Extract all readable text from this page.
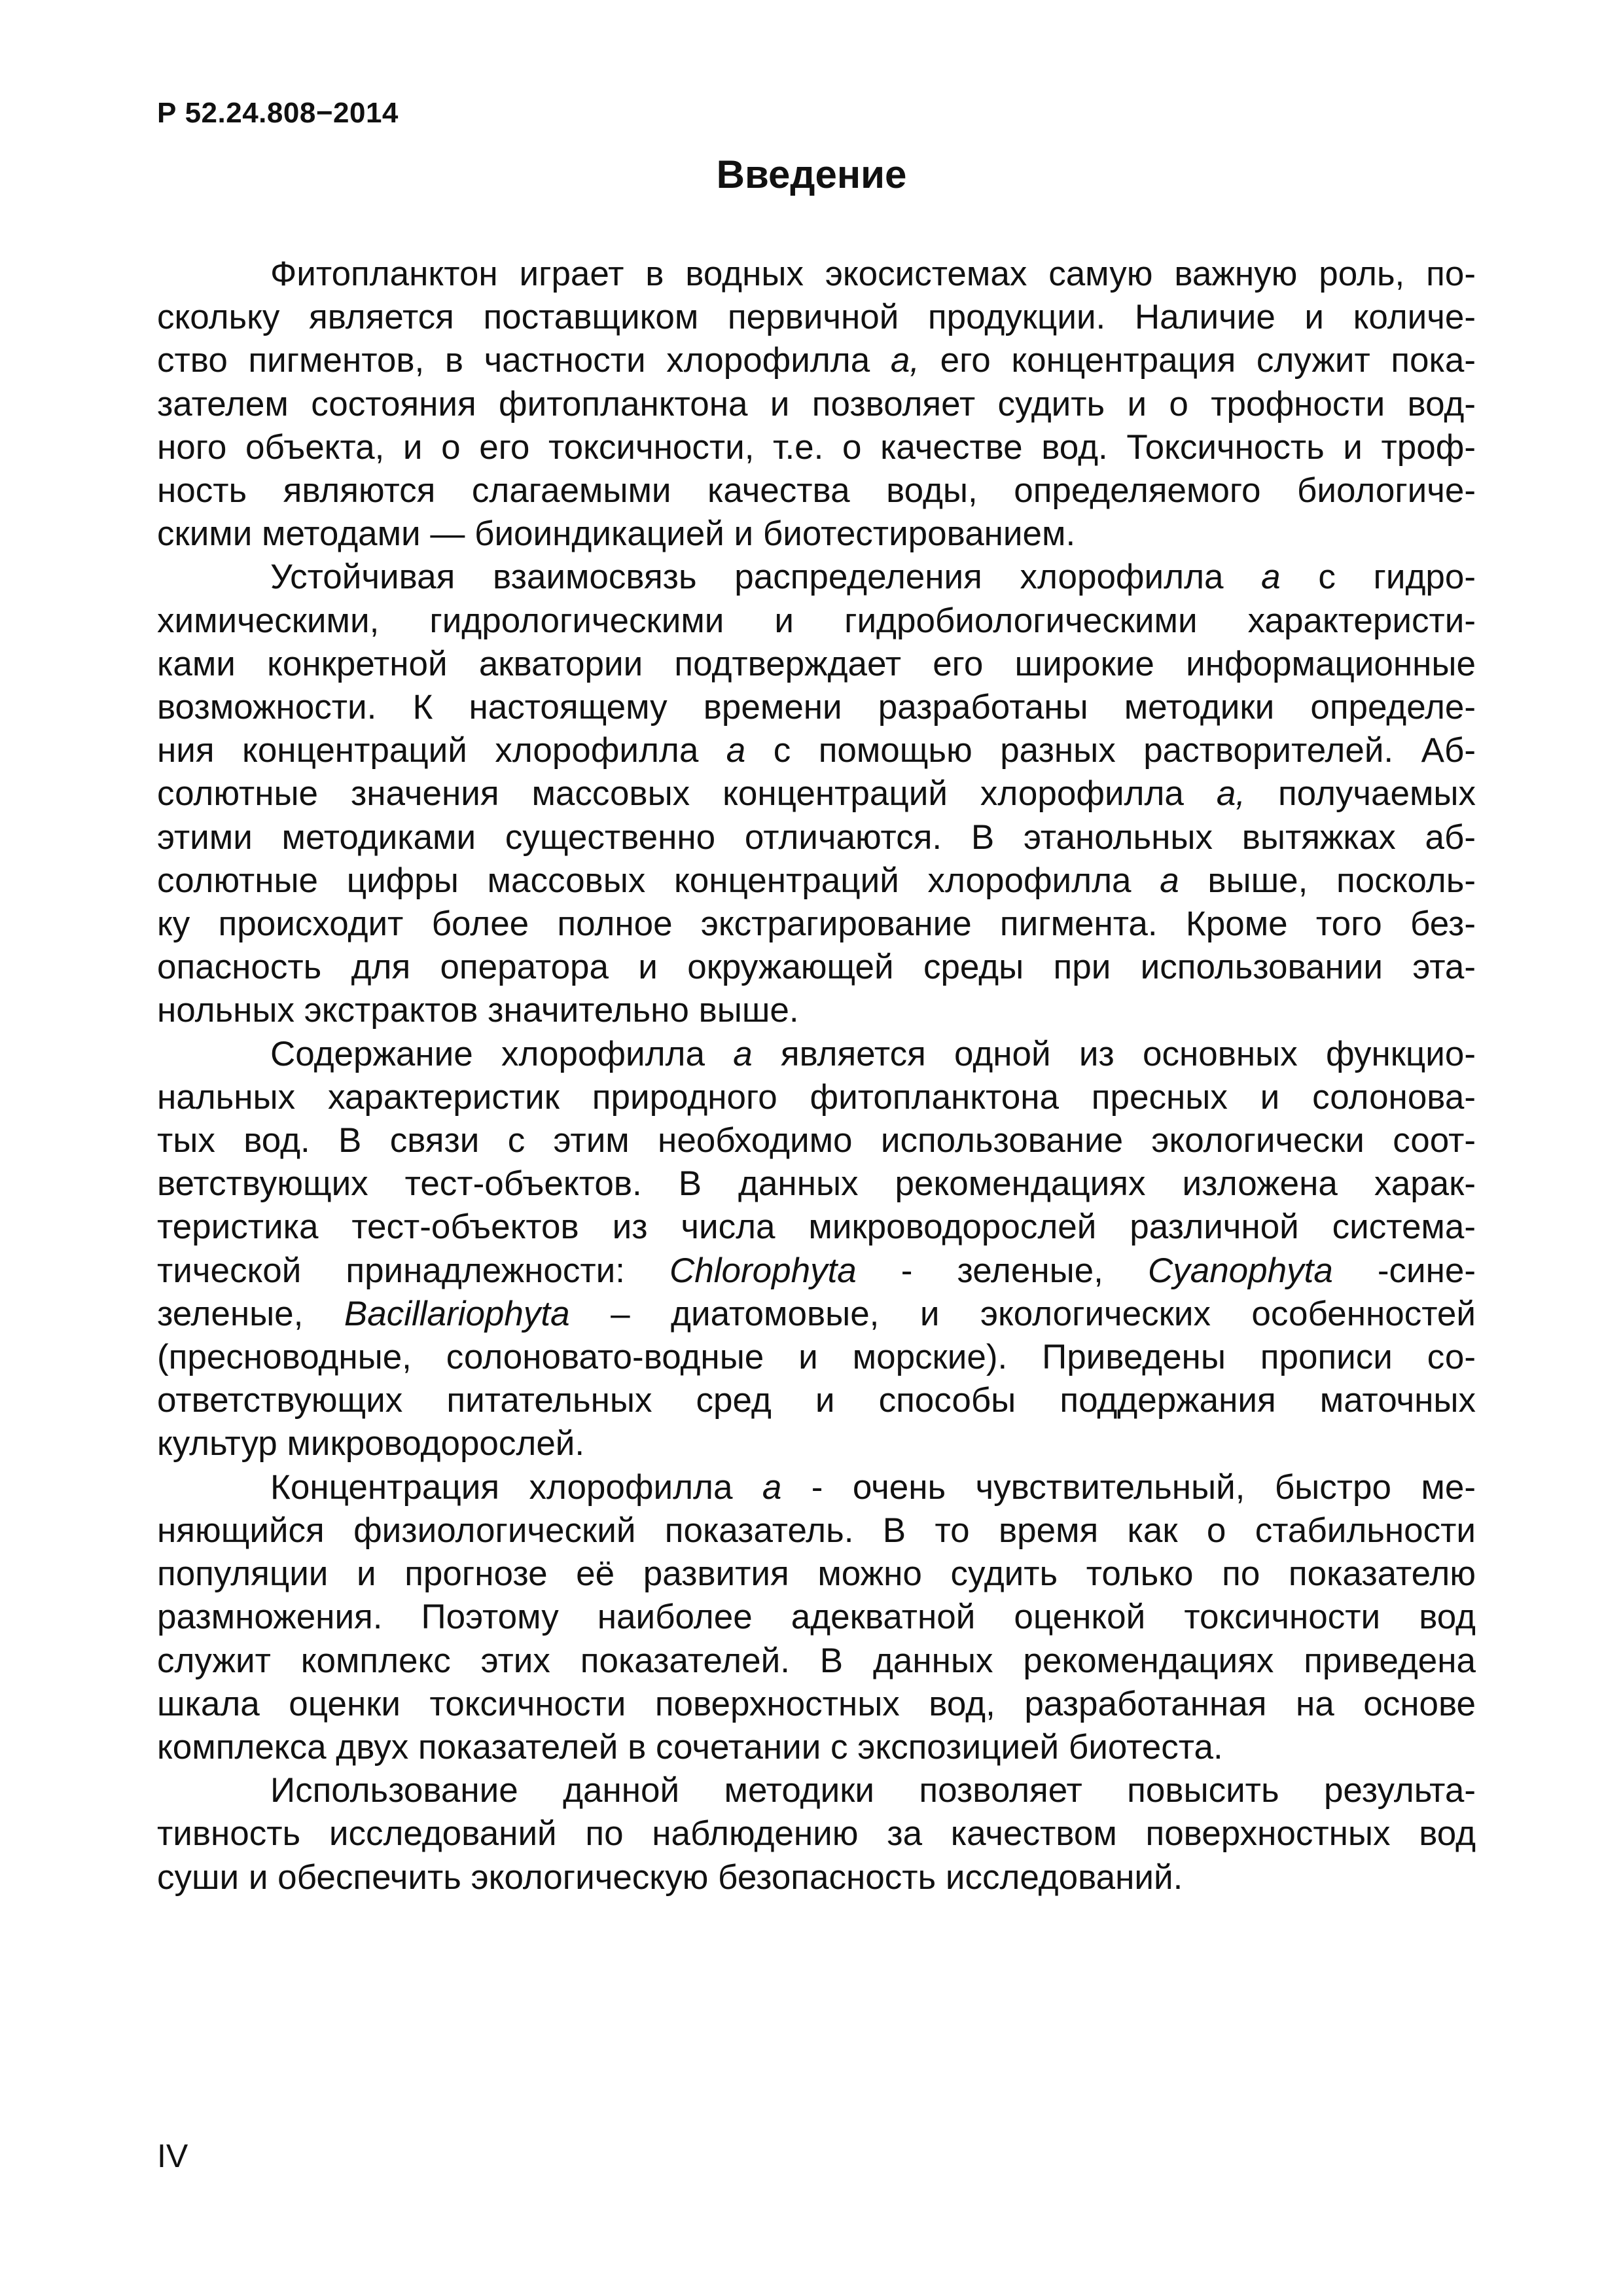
Р 52.24.808−2014
Введение
Фитопланктон играет в водных экосистемах самую важную роль, по-
скольку является поставщиком первичной продукции. Наличие и количе-
ство пигментов, в частности хлорофилла а, его концентрация служит пока-
зателем состояния фитопланктона и позволяет судить и о трофности вод-
ного объекта, и о его токсичности, т.е. о качестве вод. Токсичность и троф-
ность являются слагаемыми качества воды, определяемого биологиче-
скими методами — биоиндикацией и биотестированием.
Устойчивая взаимосвязь распределения хлорофилла а с гидро-
химическими, гидрологическими и гидробиологическими характеристи-
ками конкретной акватории подтверждает его широкие информационные
возможности. К настоящему времени разработаны методики определе-
ния концентраций хлорофилла а с помощью разных растворителей. Аб-
солютные значения массовых концентраций хлорофилла а, получаемых
этими методиками существенно отличаются. В этанольных вытяжках аб-
солютные цифры массовых концентраций хлорофилла а выше, посколь-
ку происходит более полное экстрагирование пигмента. Кроме того без-
опасность для оператора и окружающей среды при использовании эта-
нольных экстрактов значительно выше.
Содержание хлорофилла а является одной из основных функцио-
нальных характеристик природного фитопланктона пресных и солонова-
тых вод. В связи с этим необходимо использование экологически соот-
ветствующих тест-объектов. В данных рекомендациях изложена харак-
теристика тест-объектов из числа микроводорослей различной система-
тической принадлежности: Chlorophyta - зеленые, Cyanophyta -сине-
зеленые, Bacillariophyta – диатомовые, и экологических особенностей
(пресноводные, солоновато-водные и морские). Приведены прописи со-
ответствующих питательных сред и способы поддержания маточных
культур микроводорослей.
Концентрация хлорофилла а - очень чувствительный, быстро ме-
няющийся физиологический показатель. В то время как о стабильности
популяции и прогнозе её развития можно судить только по показателю
размножения. Поэтому наиболее адекватной оценкой токсичности вод
служит комплекс этих показателей. В данных рекомендациях приведена
шкала оценки токсичности поверхностных вод, разработанная на основе
комплекса двух показателей в сочетании с экспозицией биотеста.
Использование данной методики позволяет повысить результа-
тивность исследований по наблюдению за качеством поверхностных вод
суши и обеспечить экологическую безопасность исследований.
IV
